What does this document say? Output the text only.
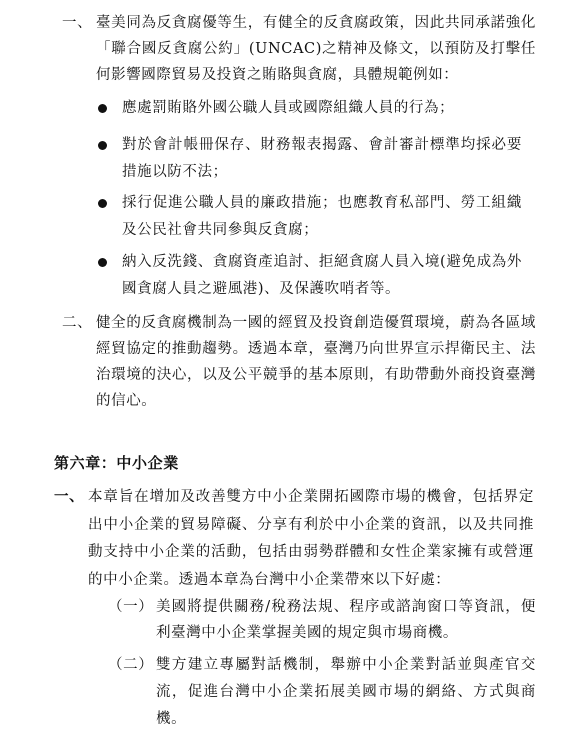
一、 臺美同為反貪腐優等生，有健全的反貪腐政策，因此共同承諾強化「聯合國反貪腐公約」(UNCAC)之精神及條文，以預防及打擊任何影響國際貿易及投資之賄賂與貪腐，具體規範例如：
應處罰賄賂外國公職人員或國際組織人員的行為；
對於會計帳冊保存、財務報表揭露、會計審計標準均採必要措施以防不法；
採行促進公職人員的廉政措施；也應教育私部門、勞工組織及公民社會共同參與反貪腐；
納入反洗錢、貪腐資產追討、拒絕貪腐人員入境(避免成為外國貪腐人員之避風港)、及保護吹哨者等。
二、 健全的反貪腐機制為一國的經貿及投資創造優質環境，蔚為各區域經貿協定的推動趨勢。透過本章，臺灣乃向世界宣示捍衛民主、法治環境的決心，以及公平競爭的基本原則，有助帶動外商投資臺灣的信心。
第六章：中小企業
一、 本章旨在增加及改善雙方中小企業開拓國際市場的機會，包括界定出中小企業的貿易障礙、分享有利於中小企業的資訊，以及共同推動支持中小企業的活動，包括由弱勢群體和女性企業家擁有或營運的中小企業。透過本章為台灣中小企業帶來以下好處：
（一） 美國將提供關務/稅務法規、程序或諮詢窗口等資訊，便利臺灣中小企業掌握美國的規定與市場商機。
（二） 雙方建立專屬對話機制，舉辦中小企業對話並與產官交流，促進台灣中小企業拓展美國市場的網絡、方式與商機。
